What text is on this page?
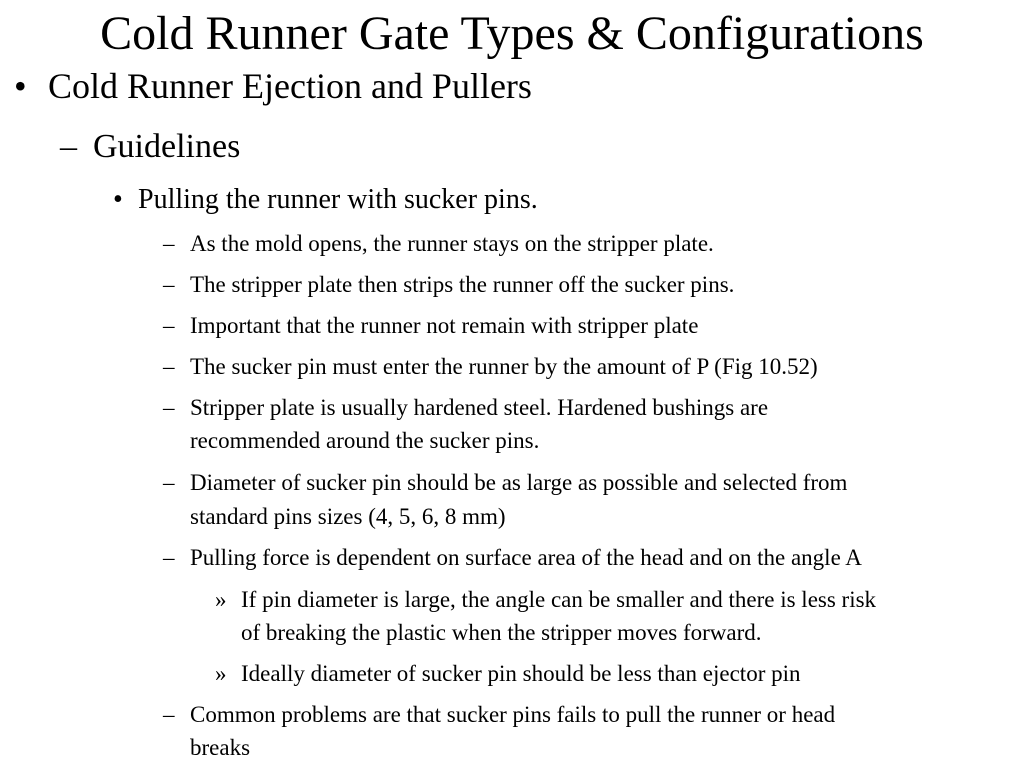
Cold Runner Gate Types & Configurations
• Cold Runner Ejection and Pullers
– Guidelines
• Pulling the runner with sucker pins.
– As the mold opens, the runner stays on the stripper plate.
– The stripper plate then strips the runner off the sucker pins.
– Important that the runner not remain with stripper plate
– The sucker pin must enter the runner by the amount of P (Fig 10.52)
– Stripper plate is usually hardened steel. Hardened bushings are
recommended around the sucker pins.
– Diameter of sucker pin should be as large as possible and selected from
standard pins sizes (4, 5, 6, 8 mm)
– Pulling force is dependent on surface area of the head and on the angle A
» If pin diameter is large, the angle can be smaller and there is less risk
of breaking the plastic when the stripper moves forward.
» Ideally diameter of sucker pin should be less than ejector pin
– Common problems are that sucker pins fails to pull the runner or head
breaks
